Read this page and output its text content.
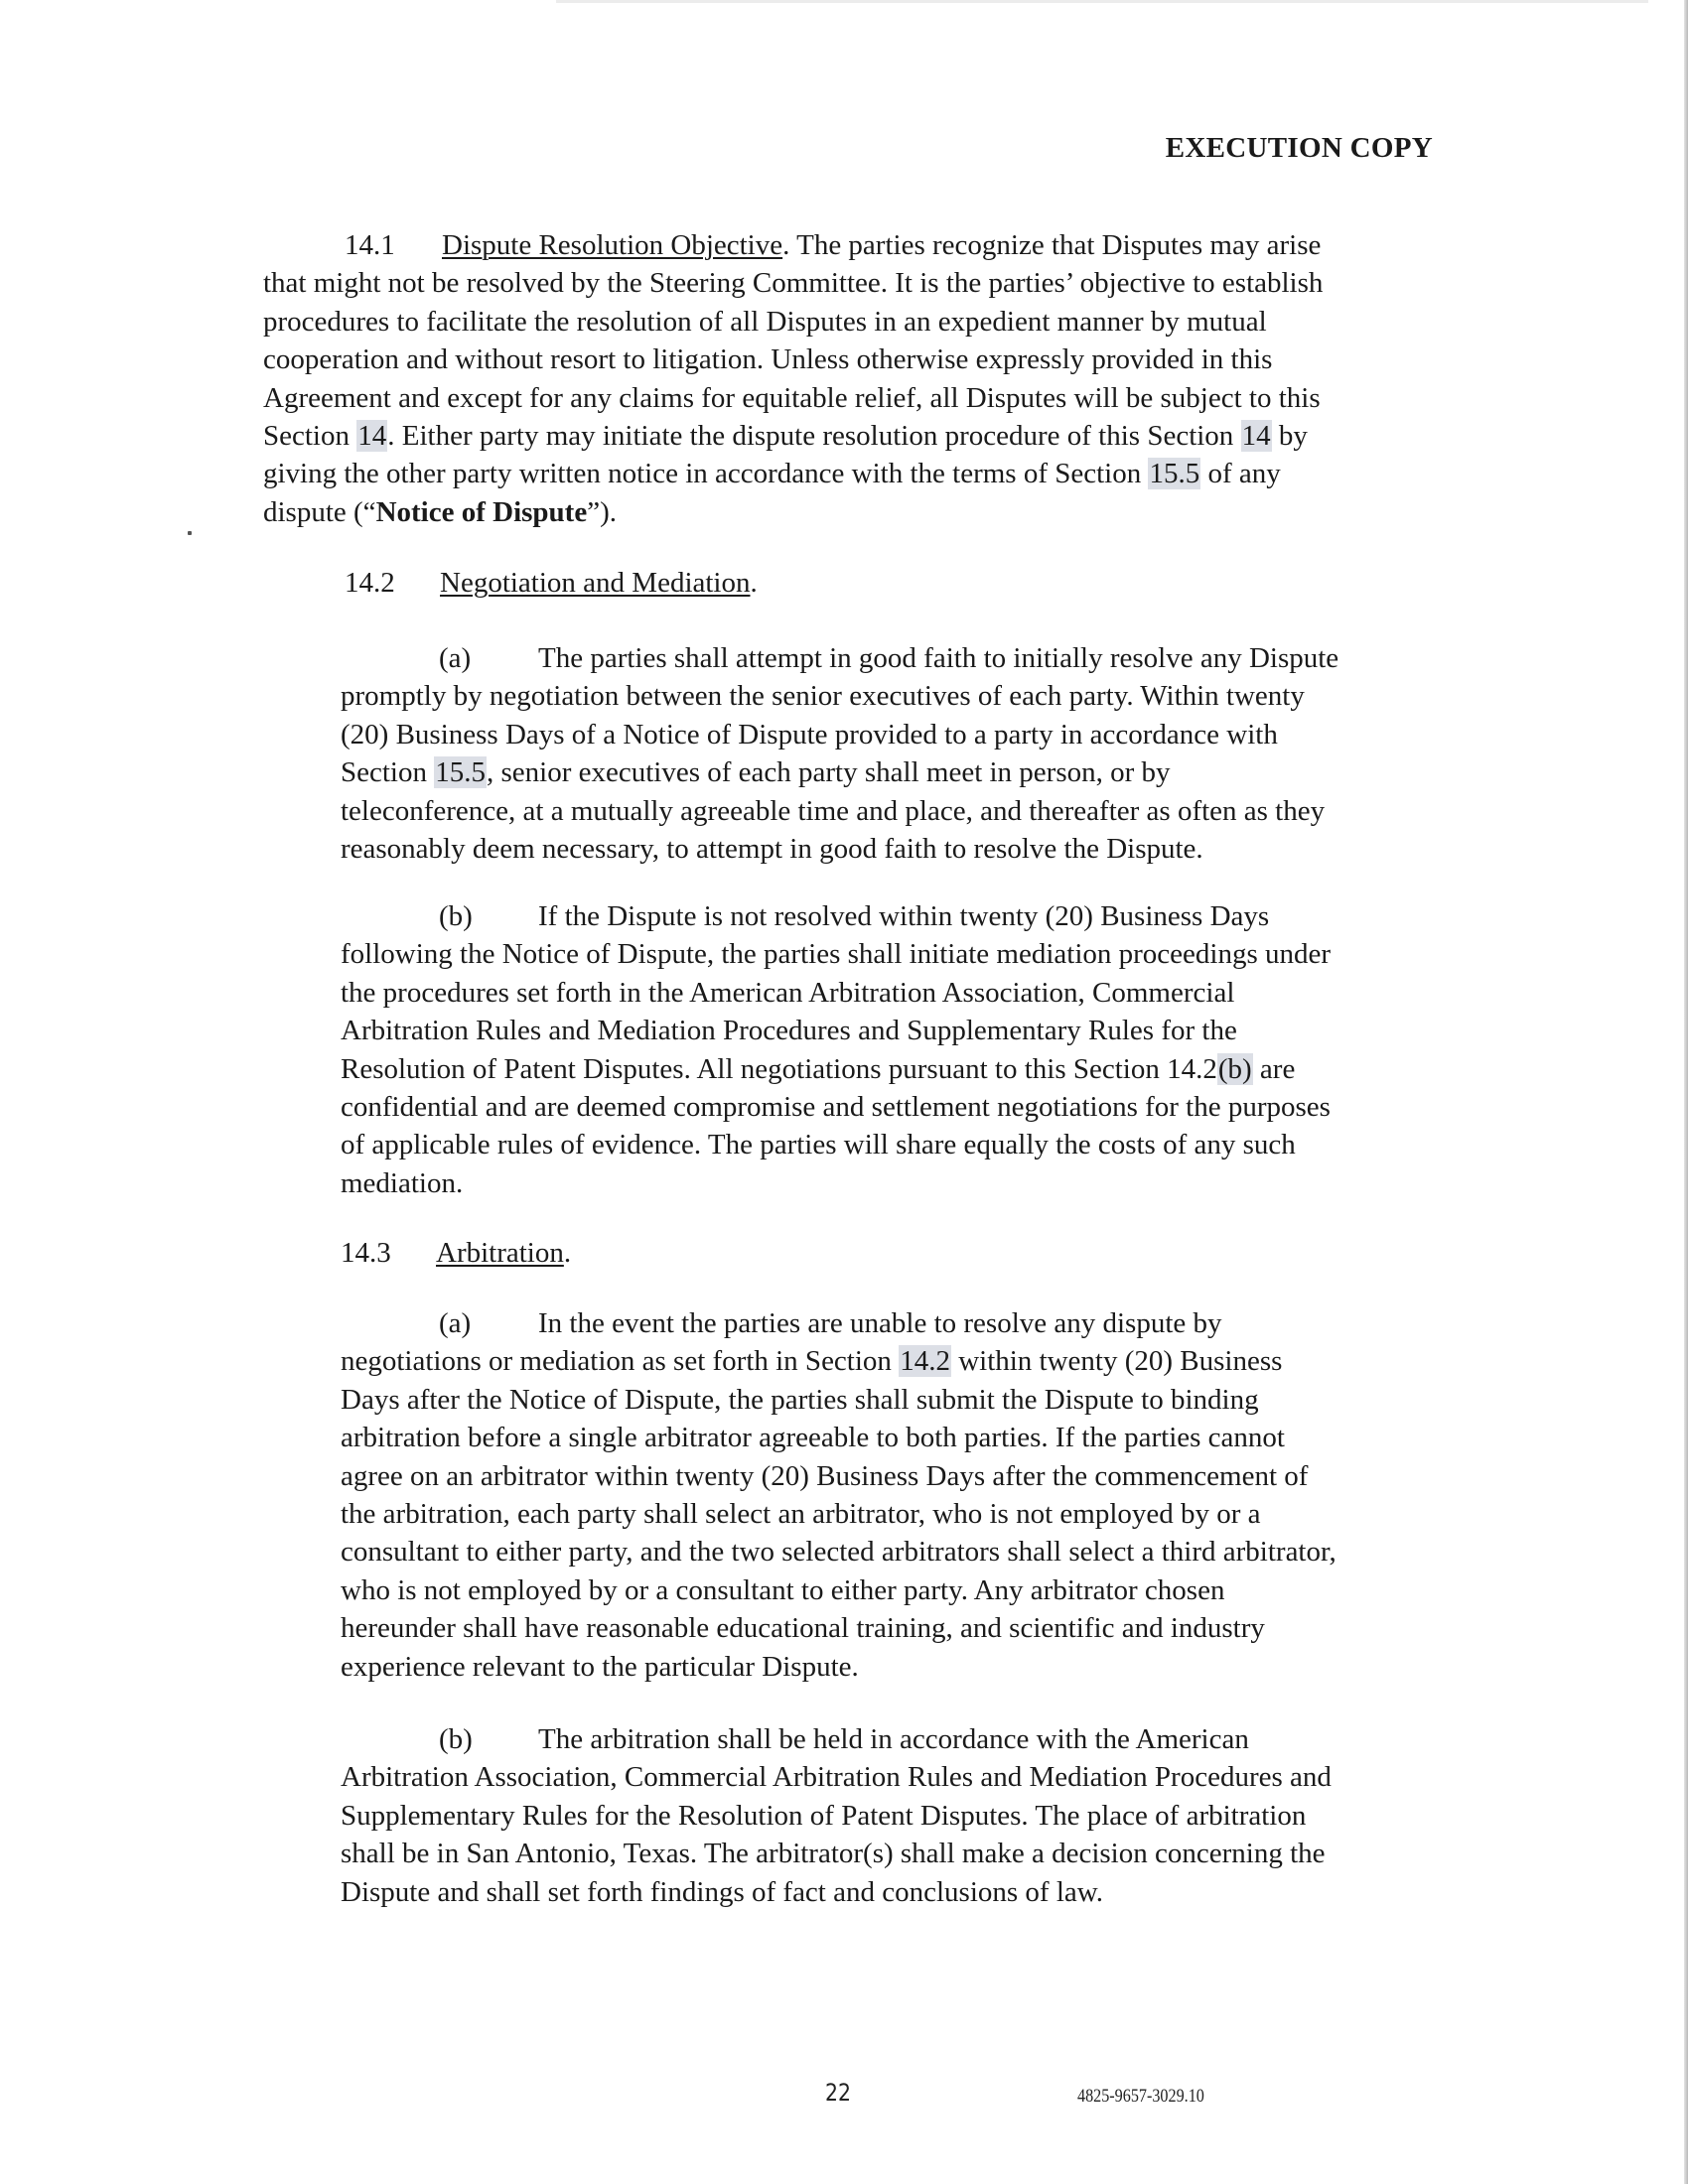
EXECUTION COPY
14.1 Dispute Resolution Objective. The parties recognize that Disputes may arise
that might not be resolved by the Steering Committee. It is the parties’ objective to establish
procedures to facilitate the resolution of all Disputes in an expedient manner by mutual
cooperation and without resort to litigation. Unless otherwise expressly provided in this
Agreement and except for any claims for equitable relief, all Disputes will be subject to this
Section 14. Either party may initiate the dispute resolution procedure of this Section 14 by
giving the other party written notice in accordance with the terms of Section 15.5 of any
dispute (“Notice of Dispute”).
14.2 Negotiation and Mediation.
(a) The parties shall attempt in good faith to initially resolve any Dispute
promptly by negotiation between the senior executives of each party. Within twenty
(20) Business Days of a Notice of Dispute provided to a party in accordance with
Section 15.5, senior executives of each party shall meet in person, or by
teleconference, at a mutually agreeable time and place, and thereafter as often as they
reasonably deem necessary, to attempt in good faith to resolve the Dispute.
(b) If the Dispute is not resolved within twenty (20) Business Days
following the Notice of Dispute, the parties shall initiate mediation proceedings under
the procedures set forth in the American Arbitration Association, Commercial
Arbitration Rules and Mediation Procedures and Supplementary Rules for the
Resolution of Patent Disputes. All negotiations pursuant to this Section 14.2(b) are
confidential and are deemed compromise and settlement negotiations for the purposes
of applicable rules of evidence. The parties will share equally the costs of any such
mediation.
14.3 Arbitration.
(a) In the event the parties are unable to resolve any dispute by
negotiations or mediation as set forth in Section 14.2 within twenty (20) Business
Days after the Notice of Dispute, the parties shall submit the Dispute to binding
arbitration before a single arbitrator agreeable to both parties. If the parties cannot
agree on an arbitrator within twenty (20) Business Days after the commencement of
the arbitration, each party shall select an arbitrator, who is not employed by or a
consultant to either party, and the two selected arbitrators shall select a third arbitrator,
who is not employed by or a consultant to either party. Any arbitrator chosen
hereunder shall have reasonable educational training, and scientific and industry
experience relevant to the particular Dispute.
(b) The arbitration shall be held in accordance with the American
Arbitration Association, Commercial Arbitration Rules and Mediation Procedures and
Supplementary Rules for the Resolution of Patent Disputes. The place of arbitration
shall be in San Antonio, Texas. The arbitrator(s) shall make a decision concerning the
Dispute and shall set forth findings of fact and conclusions of law.
22	4825-9657-3029.10
